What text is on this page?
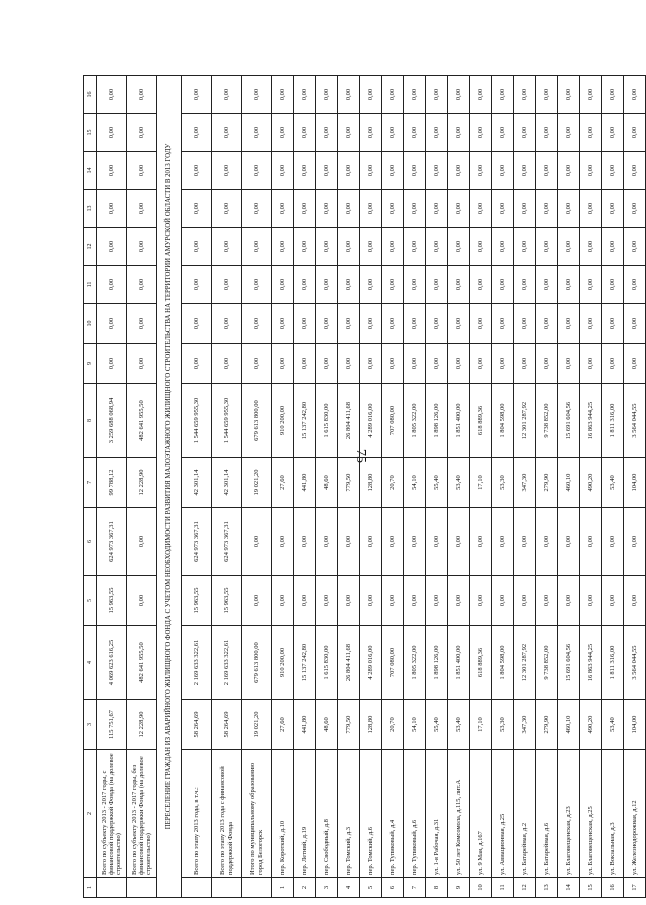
75
1	2	3	4	5	6	7	8	9	10	11	12	13	14	15	16
	Всего по субъекту 2013 - 2017 годы, с финансовой поддержкой Фонда (на долевое строительство)	115 751,67	4 069 623 616,25	15 963,55	624 973 367,31	99 788,12	3 259 688 068,94	0,00	0,00	0,00	0,00	0,00	0,00	0,00	0,00
	Всего по субъекту 2013 - 2017 годы, без финансовой поддержки Фонда (на долевое строительство)	12 228,90	482 641 955,50	0,00	0,00	12 228,90	482 641 955,50	0,00	0,00	0,00	0,00	0,00	0,00	0,00	0,00
ПЕРЕСЕЛЕНИЕ ГРАЖДАН ИЗ АВАРИЙНОГО ЖИЛИЩНОГО ФОНДА С УЧЕТОМ НЕОБХОДИМОСТИ РАЗВИТИЯ МАЛОЭТАЖНОГО ЖИЛИЩНОГО СТРОИТЕЛЬСТВА НА ТЕРРИТОРИИ АМУРСКОЙ ОБЛАСТИ В 2013 ГОДУ															
	Всего по этапу 2013 года, в т.ч.:	58 264,69	2 169 633 322,61	15 963,55	624 973 367,31	42 301,14	1 544 659 955,30	0,00	0,00	0,00	0,00	0,00	0,00	0,00	0,00
	Всего по этапу 2013 года с финансовой поддержкой Фонда	58 264,69	2 169 633 322,61	15 963,55	624 973 367,31	42 301,14	1 544 659 955,30	0,00	0,00	0,00	0,00	0,00	0,00	0,00	0,00
	Итого по муниципальному образованию город Белогорск	19 021,20	679 613 800,00	0,00	0,00	19 021,20	679 613 800,00	0,00	0,00	0,00	0,00	0,00	0,00	0,00	0,00
1	пер. Короткий, д.10	27,60	910 200,00	0,00	0,00	27,60	910 200,00	0,00	0,00	0,00	0,00	0,00	0,00	0,00	0,00
2	пер. Летний, д.19	441,80	15 137 242,80	0,00	0,00	441,80	15 137 242,80	0,00	0,00	0,00	0,00	0,00	0,00	0,00	0,00
3	пер. Свободный, д.8	48,60	1 615 830,00	0,00	0,00	48,60	1 615 830,00	0,00	0,00	0,00	0,00	0,00	0,00	0,00	0,00
4	пер. Томский, д.3	779,50	26 804 411,68	0,00	0,00	779,50	26 804 411,68	0,00	0,00	0,00	0,00	0,00	0,00	0,00	0,00
5	пер. Томский, д.6	128,80	4 289 016,00	0,00	0,00	128,80	4 289 016,00	0,00	0,00	0,00	0,00	0,00	0,00	0,00	0,00
6	пер. Тупиковый, д.4	20,70	707 080,00	0,00	0,00	20,70	707 080,00	0,00	0,00	0,00	0,00	0,00	0,00	0,00	0,00
7	пер. Тупиковый, д.6	54,10	1 805 322,00	0,00	0,00	54,10	1 805 322,00	0,00	0,00	0,00	0,00	0,00	0,00	0,00	0,00
8	ул. 1-я Рабочая, д.31	55,40	1 898 126,00	0,00	0,00	55,40	1 898 126,00	0,00	0,00	0,00	0,00	0,00	0,00	0,00	0,00
9	ул. 50 лет Комсомола, д.115, лит.А	53,40	1 851 400,00	0,00	0,00	53,40	1 851 400,00	0,00	0,00	0,00	0,00	0,00	0,00	0,00	0,00
10	ул. 9 Мая, д.167	17,10	618 889,36	0,00	0,00	17,10	618 889,36	0,00	0,00	0,00	0,00	0,00	0,00	0,00	0,00
11	ул. Авиационная, д.25	53,30	1 804 598,00	0,00	0,00	53,30	1 804 598,00	0,00	0,00	0,00	0,00	0,00	0,00	0,00	0,00
12	ул. Батарейная, д.2	347,30	12 301 287,92	0,00	0,00	347,30	12 301 287,92	0,00	0,00	0,00	0,00	0,00	0,00	0,00	0,00
13	ул. Батарейная, д.6	279,90	9 738 852,00	0,00	0,00	279,90	9 738 852,00	0,00	0,00	0,00	0,00	0,00	0,00	0,00	0,00
14	ул. Благовещенская, д.23	460,10	15 691 604,56	0,00	0,00	460,10	15 691 604,56	0,00	0,00	0,00	0,00	0,00	0,00	0,00	0,00
15	ул. Благовещенская, д.25	490,20	16 863 944,25	0,00	0,00	490,20	16 863 944,25	0,00	0,00	0,00	0,00	0,00	0,00	0,00	0,00
16	ул. Вокзальная, д.3	53,40	1 811 316,00	0,00	0,00	53,40	1 811 316,00	0,00	0,00	0,00	0,00	0,00	0,00	0,00	0,00
17	ул. Железнодорожная, д.12	104,00	3 564 044,55	0,00	0,00	104,00	3 564 044,55	0,00	0,00	0,00	0,00	0,00	0,00	0,00	0,00
